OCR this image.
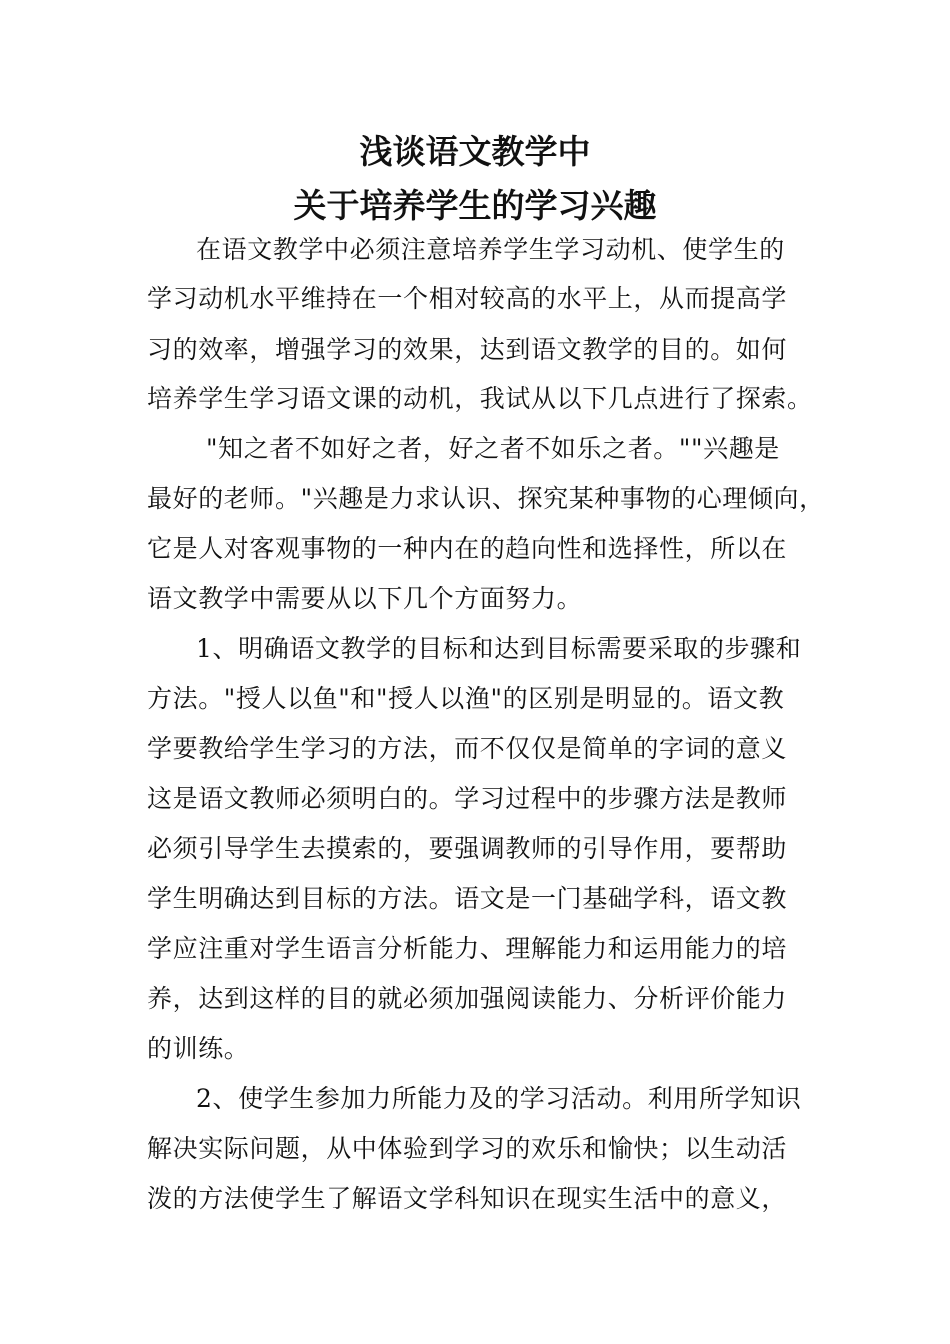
浅谈语文教学中
关于培养学生的学习兴趣
在语文教学中必须注意培养学生学习动机、使学生的
学习动机水平维持在一个相对较高的水平上，从而提高学
习的效率，增强学习的效果，达到语文教学的目的。如何
培养学生学习语文课的动机，我试从以下几点进行了探索。
"知之者不如好之者，好之者不如乐之者。""兴趣是
最好的老师。"兴趣是力求认识、探究某种事物的心理倾向，
它是人对客观事物的一种内在的趋向性和选择性，所以在
语文教学中需要从以下几个方面努力。
1、明确语文教学的目标和达到目标需要采取的步骤和
方法。"授人以鱼"和"授人以渔"的区别是明显的。语文教
学要教给学生学习的方法，而不仅仅是简单的字词的意义
这是语文教师必须明白的。学习过程中的步骤方法是教师
必须引导学生去摸索的，要强调教师的引导作用，要帮助
学生明确达到目标的方法。语文是一门基础学科，语文教
学应注重对学生语言分析能力、理解能力和运用能力的培
养，达到这样的目的就必须加强阅读能力、分析评价能力
的训练。
2、使学生参加力所能力及的学习活动。利用所学知识
解决实际问题，从中体验到学习的欢乐和愉快；以生动活
泼的方法使学生了解语文学科知识在现实生活中的意义，
